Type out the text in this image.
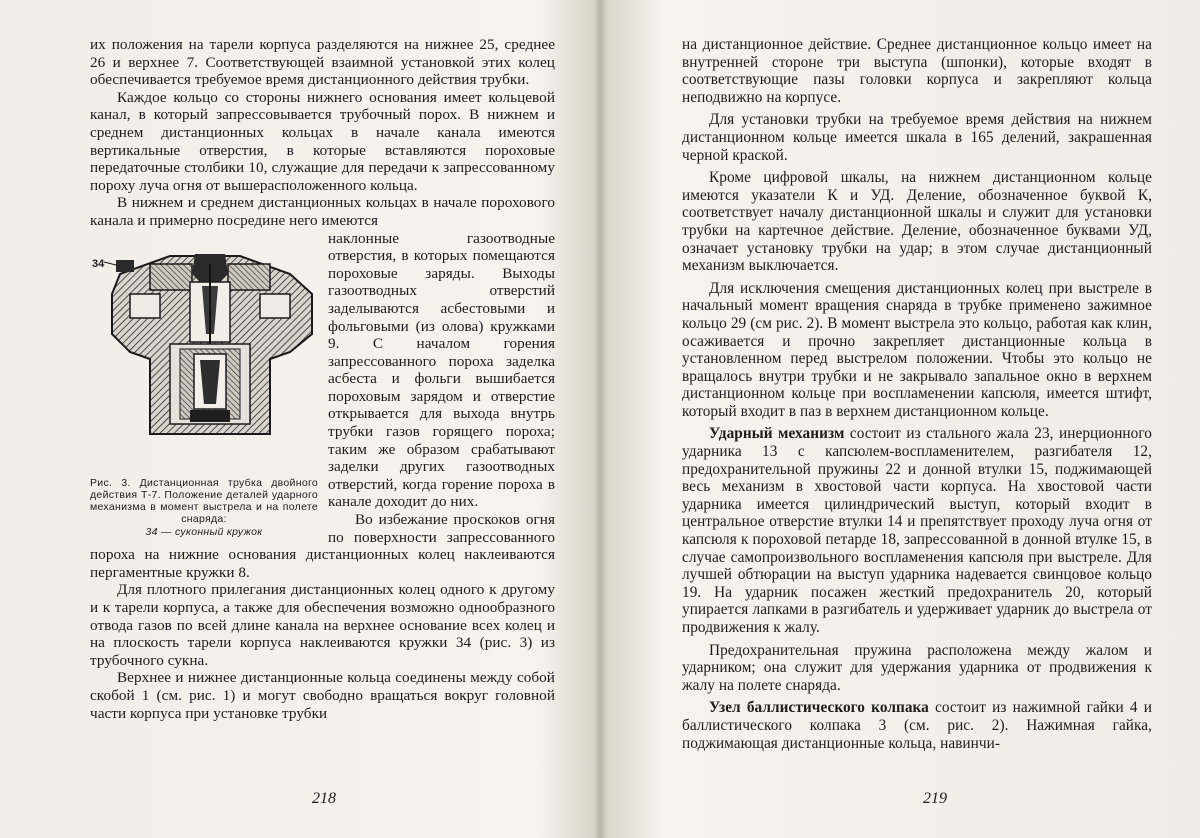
их положения на тарели корпуса разделяются на нижнее 25, среднее 26 и верхнее 7. Соответствующей взаимной установкой этих колец обеспечивается требуемое время дистанционного действия трубки.

Каждое кольцо со стороны нижнего основания имеет кольцевой канал, в который запрессовывается трубочный порох. В нижнем и среднем дистанционных кольцах в начале канала имеются вертикальные отверстия, в которые вставляются пороховые передаточные столбики 10, служащие для передачи к запрессованному пороху луча огня от вышерасположенного кольца.

В нижнем и среднем дистанционных кольцах в начале порохового канала и примерно посредине него имеются

34
Рис. 3. Дистанционная трубка двойного действия Т-7. Положение деталей ударного механизма в момент выстрела и на полете снаряда:
34 — суконный кружок

наклонные газоотводные отверстия, в которых помещаются пороховые заряды. Выходы газоотводных отверстий заделываются асбестовыми и фольговыми (из олова) кружками 9. С началом горения запрессованного пороха заделка асбеста и фольги вышибается пороховым зарядом и отверстие открывается для выхода внутрь трубки газов горящего пороха; таким же образом срабатывают заделки других газоотводных отверстий, когда горение пороха в канале доходит до них.

Во избежание проскоков огня по поверхности запрессованного пороха на нижние основания дистанционных колец наклеиваются пергаментные кружки 8.

Для плотного прилегания дистанционных колец одного к другому и к тарели корпуса, а также для обеспечения возможно однообразного отвода газов по всей длине канала на верхнее основание всех колец и на плоскость тарели корпуса наклеиваются кружки 34 (рис. 3) из трубочного сукна.

Верхнее и нижнее дистанционные кольца соединены между собой скобой 1 (см. рис. 1) и могут свободно вращаться вокруг головной части корпуса при установке трубки

218

на дистанционное действие. Среднее дистанционное кольцо имеет на внутренней стороне три выступа (шпонки), которые входят в соответствующие пазы головки корпуса и закрепляют кольца неподвижно на корпусе.

Для установки трубки на требуемое время действия на нижнем дистанционном кольце имеется шкала в 165 делений, закрашенная черной краской.

Кроме цифровой шкалы, на нижнем дистанционном кольце имеются указатели К и УД. Деление, обозначенное буквой К, соответствует началу дистанционной шкалы и служит для установки трубки на картечное действие. Деление, обозначенное буквами УД, означает установку трубки на удар; в этом случае дистанционный механизм выключается.

Для исключения смещения дистанционных колец при выстреле в начальный момент вращения снаряда в трубке применено зажимное кольцо 29 (см рис. 2). В момент выстрела это кольцо, работая как клин, осаживается и прочно закрепляет дистанционные кольца в установленном перед выстрелом положении. Чтобы это кольцо не вращалось внутри трубки и не закрывало запальное окно в верхнем дистанционном кольце при воспламенении капсюля, имеется штифт, который входит в паз в верхнем дистанционном кольце.

Ударный механизм состоит из стального жала 23, инерционного ударника 13 с капсюлем-воспламенителем, разгибателя 12, предохранительной пружины 22 и донной втулки 15, поджимающей весь механизм в хвостовой части корпуса. На хвостовой части ударника имеется цилиндрический выступ, который входит в центральное отверстие втулки 14 и препятствует проходу луча огня от капсюля к пороховой петарде 18, запрессованной в донной втулке 15, в случае самопроизвольного воспламенения капсюля при выстреле. Для лучшей обтюрации на выступ ударника надевается свинцовое кольцо 19. На ударник посажен жесткий предохранитель 20, который упирается лапками в разгибатель и удерживает ударник до выстрела от продвижения к жалу.

Предохранительная пружина расположена между жалом и ударником; она служит для удержания ударника от продвижения к жалу на полете снаряда.

Узел баллистического колпака состоит из нажимной гайки 4 и баллистического колпака 3 (см. рис. 2). Нажимная гайка, поджимающая дистанционные кольца, навинчи-

219
